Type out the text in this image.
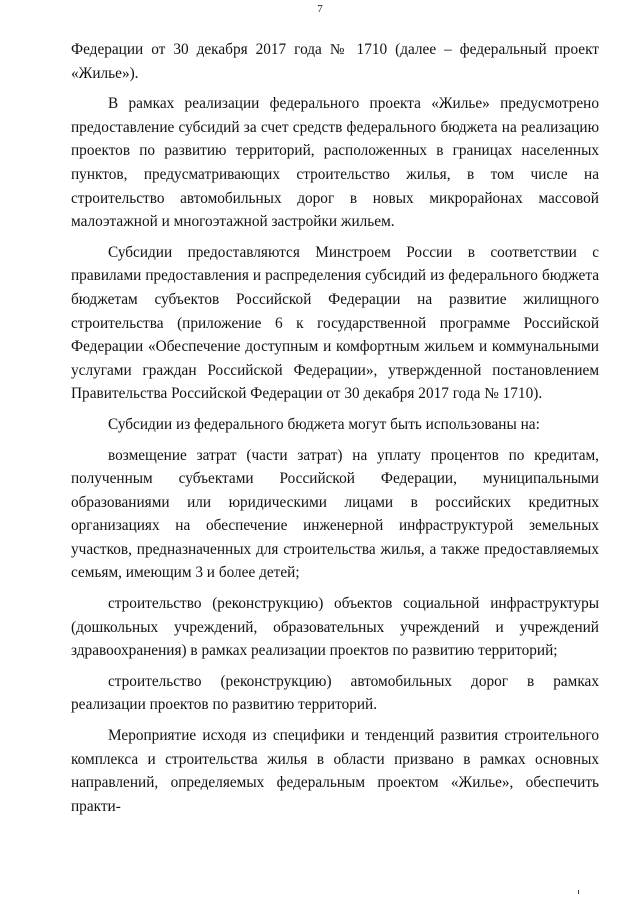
7

Федерации от 30 декабря 2017 года № 1710 (далее – федеральный проект «Жилье»).

В рамках реализации федерального проекта «Жилье» предусмотрено предоставление субсидий за счет средств федерального бюджета на реализацию проектов по развитию территорий, расположенных в границах населенных пунктов, предусматривающих строительство жилья, в том числе на строительство автомобильных дорог в новых микрорайонах массовой малоэтажной и многоэтажной застройки жильем.

Субсидии предоставляются Минстроем России в соответствии с правилами предоставления и распределения субсидий из федерального бюджета бюджетам субъектов Российской Федерации на развитие жилищного строительства (приложение 6 к государственной программе Российской Федерации «Обеспечение доступным и комфортным жильем и коммунальными услугами граждан Российской Федерации», утвержденной постановлением Правительства Российской Федерации от 30 декабря 2017 года № 1710).

Субсидии из федерального бюджета могут быть использованы на:

возмещение затрат (части затрат) на уплату процентов по кредитам, полученным субъектами Российской Федерации, муниципальными образованиями или юридическими лицами в российских кредитных организациях на обеспечение инженерной инфраструктурой земельных участков, предназначенных для строительства жилья, а также предоставляемых семьям, имеющим 3 и более детей;

строительство (реконструкцию) объектов социальной инфраструктуры (дошкольных учреждений, образовательных учреждений и учреждений здравоохранения) в рамках реализации проектов по развитию территорий;

строительство (реконструкцию) автомобильных дорог в рамках реализации проектов по развитию территорий.

Мероприятие исходя из специфики и тенденций развития строительного комплекса и строительства жилья в области призвано в рамках основных направлений, определяемых федеральным проектом «Жилье», обеспечить практи-
